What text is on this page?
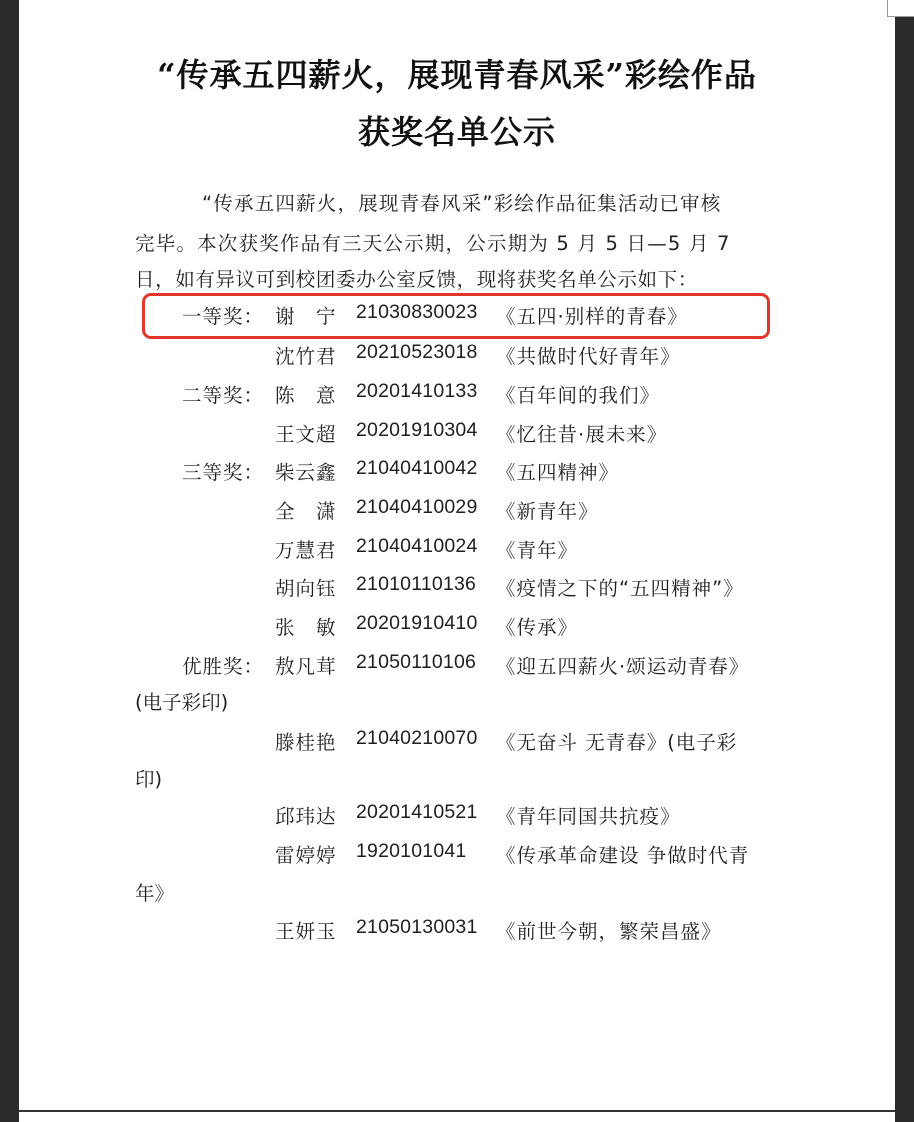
“传承五四薪火，展现青春风采”彩绘作品
获奖名单公示
“传承五四薪火，展现青春风采”彩绘作品征集活动已审核
完毕。本次获奖作品有三天公示期，公示期为 5 月 5 日—5 月 7
日，如有异议可到校团委办公室反馈，现将获奖名单公示如下：
一等奖： 谢　宁 21030830023 《五四·别样的青春》
沈竹君 20210523018 《共做时代好青年》
二等奖： 陈　意 20201410133 《百年间的我们》
王文超 20201910304 《忆往昔·展未来》
三等奖： 柴云鑫 21040410042 《五四精神》
全　潇 21040410029 《新青年》
万慧君 21040410024 《青年》
胡向钰 21010110136 《疫情之下的“五四精神”》
张　敏 20201910410 《传承》
优胜奖： 敖凡茸 21050110106 《迎五四薪火·颂运动青春》
(电子彩印)
滕桂艳 21040210070 《无奋斗 无青春》(电子彩
印)
邱玮达 20201410521 《青年同国共抗疫》
雷婷婷 1920101041 《传承革命建设 争做时代青
年》
王妍玉 21050130031 《前世今朝，繁荣昌盛》
